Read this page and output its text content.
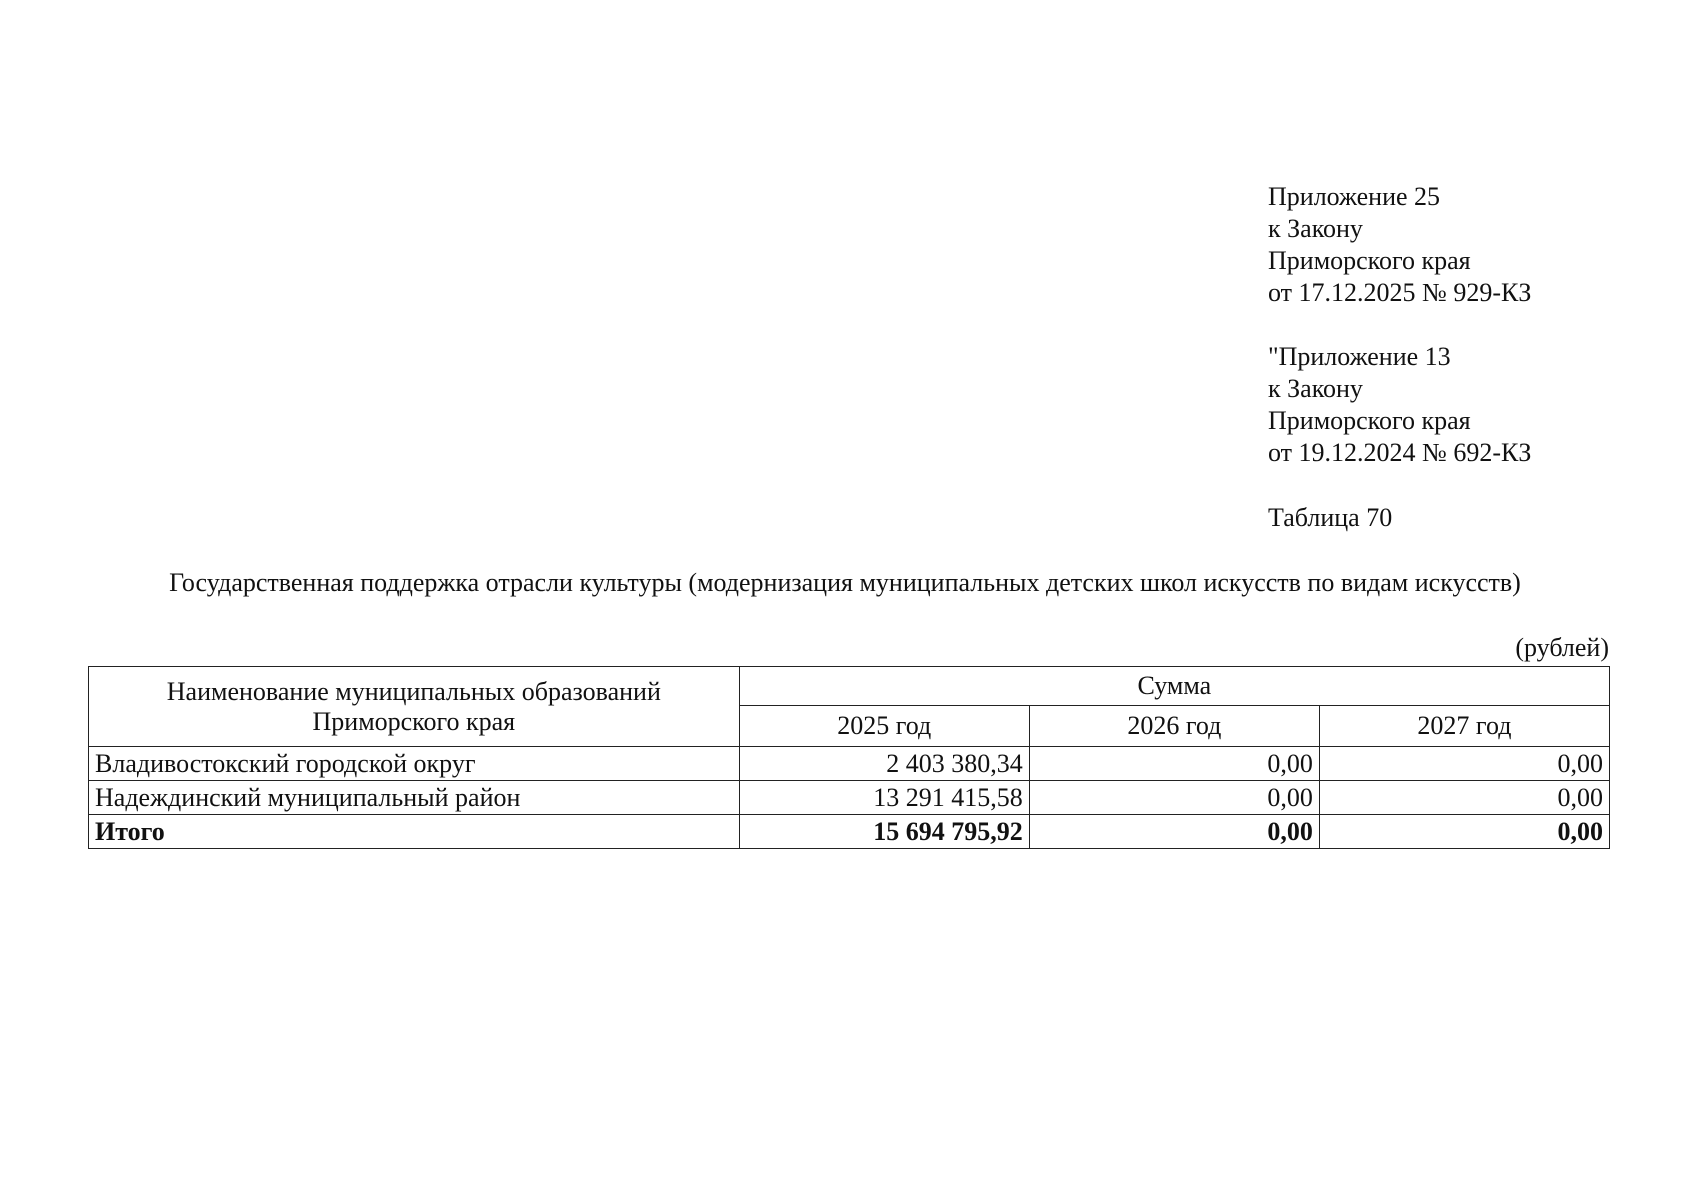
Приложение 25
к Закону
Приморского края
от 17.12.2025 № 929-КЗ
"Приложение 13
к Закону
Приморского края
от 19.12.2024 № 692-КЗ
Таблица 70
Государственная поддержка отрасли культуры (модернизация муниципальных детских школ искусств по видам искусств)
(рублей)
Наименование муниципальных образований
Приморского края	Сумма		
	2025 год	2026 год	2027 год
Владивостокский городской округ	2 403 380,34	0,00	0,00
Надеждинский муниципальный район	13 291 415,58	0,00	0,00
Итого	15 694 795,92	0,00	0,00
